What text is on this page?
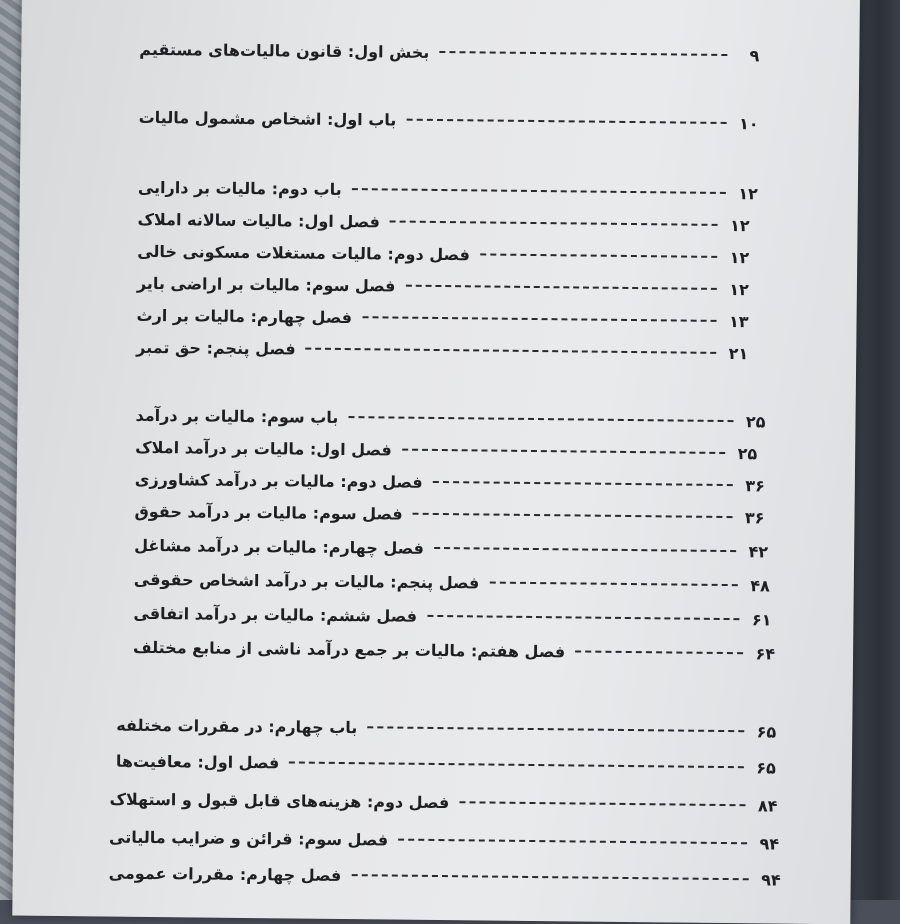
بخش اول: قانون مالیات‌های مستقیم	۹
باب اول: اشخاص مشمول مالیات	۱۰
باب دوم: مالیات بر دارایی	۱۲
فصل اول: مالیات سالانه املاک	۱۲
فصل دوم: مالیات مستغلات مسکونی خالی	۱۲
فصل سوم: مالیات بر اراضی بایر	۱۲
فصل چهارم: مالیات بر ارث	۱۳
فصل پنجم: حق تمبر	۲۱
باب سوم: مالیات بر درآمد	۲۵
فصل اول: مالیات بر درآمد املاک	۲۵
فصل دوم: مالیات بر درآمد کشاورزی	۳۶
فصل سوم: مالیات بر درآمد حقوق	۳۶
فصل چهارم: مالیات بر درآمد مشاغل	۴۲
فصل پنجم: مالیات بر درآمد اشخاص حقوقی	۴۸
فصل ششم: مالیات بر درآمد اتفاقی	۶۱
فصل هفتم: مالیات بر جمع درآمد ناشی از منابع مختلف	۶۴
باب چهارم: در مقررات مختلفه	۶۵
فصل اول: معافیت‌ها	۶۵
فصل دوم: هزینه‌های قابل قبول و استهلاک	۸۴
فصل سوم: قرائن و ضرایب مالیاتی	۹۴
فصل چهارم: مقررات عمومی	۹۴
